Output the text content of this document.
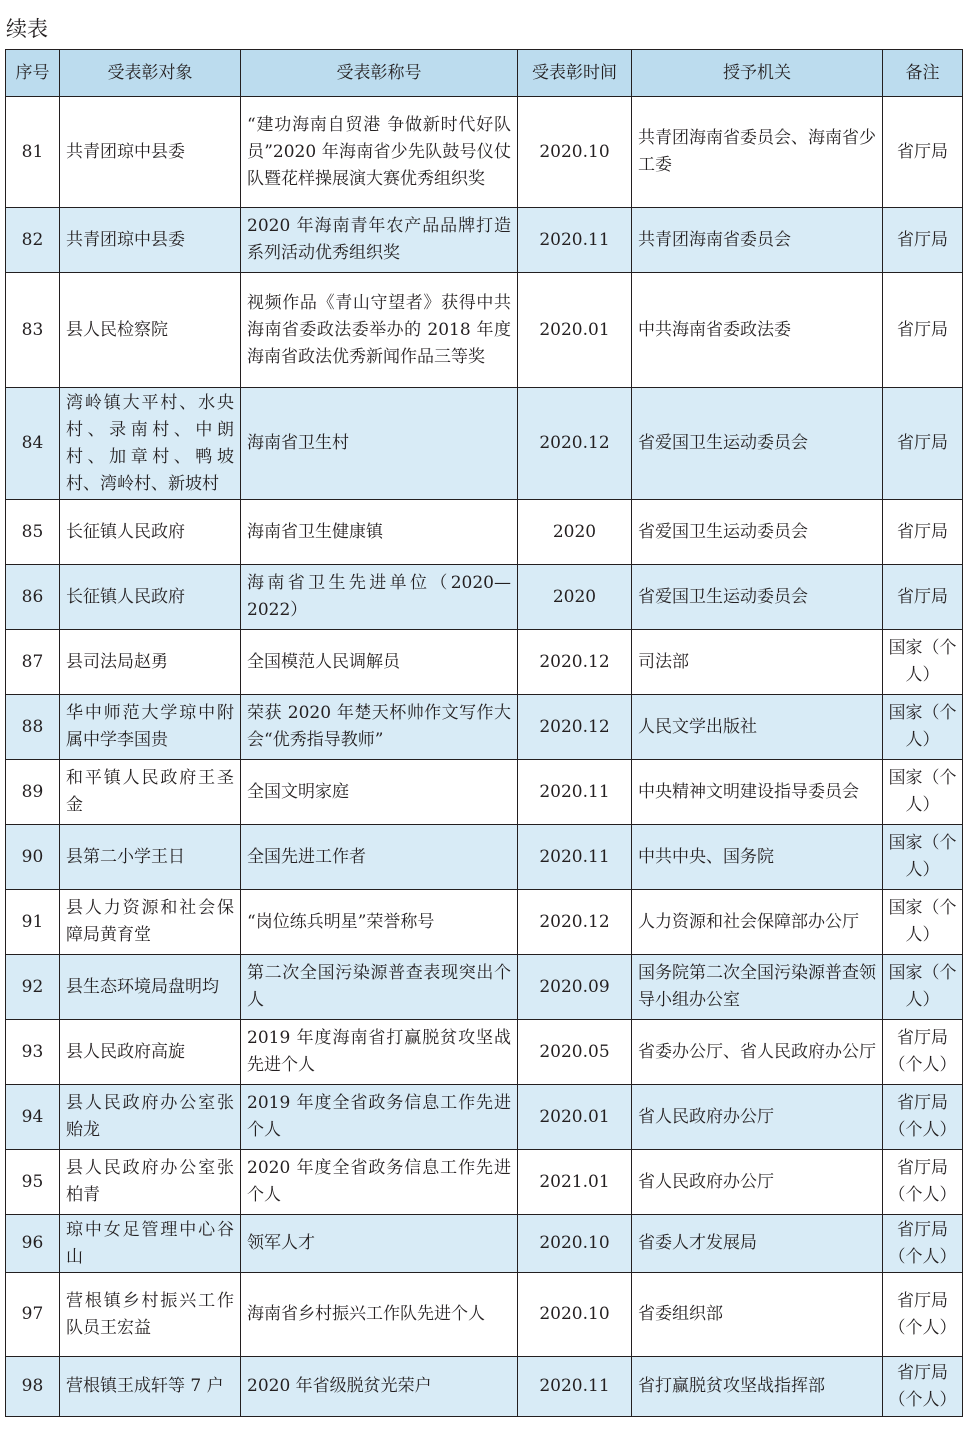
续表
序号	受表彰对象	受表彰称号	受表彰时间	授予机关	备注
81	共青团琼中县委	“建功海南自贸港 争做新时代好队员”2020 年海南省少先队鼓号仪仗队暨花样操展演大赛优秀组织奖	2020.10	共青团海南省委员会、海南省少工委	省厅局
82	共青团琼中县委	2020 年海南青年农产品品牌打造系列活动优秀组织奖	2020.11	共青团海南省委员会	省厅局
83	县人民检察院	视频作品《青山守望者》获得中共海南省委政法委举办的 2018 年度海南省政法优秀新闻作品三等奖	2020.01	中共海南省委政法委	省厅局
84	湾岭镇大平村、水央村、录南村、中朗村、加章村、鸭坡村、湾岭村、新坡村	海南省卫生村	2020.12	省爱国卫生运动委员会	省厅局
85	长征镇人民政府	海南省卫生健康镇	2020	省爱国卫生运动委员会	省厅局
86	长征镇人民政府	海南省卫生先进单位（2020—2022）	2020	省爱国卫生运动委员会	省厅局
87	县司法局赵勇	全国模范人民调解员	2020.12	司法部	国家（个人）
88	华中师范大学琼中附属中学李国贵	荣获 2020 年楚天杯帅作文写作大会“优秀指导教师”	2020.12	人民文学出版社	国家（个人）
89	和平镇人民政府王圣金	全国文明家庭	2020.11	中央精神文明建设指导委员会	国家（个人）
90	县第二小学王日	全国先进工作者	2020.11	中共中央、国务院	国家（个人）
91	县人力资源和社会保障局黄育堂	“岗位练兵明星”荣誉称号	2020.12	人力资源和社会保障部办公厅	国家（个人）
92	县生态环境局盘明均	第二次全国污染源普查表现突出个人	2020.09	国务院第二次全国污染源普查领导小组办公室	国家（个人）
93	县人民政府高旋	2019 年度海南省打赢脱贫攻坚战先进个人	2020.05	省委办公厅、省人民政府办公厅	省厅局（个人）
94	县人民政府办公室张贻龙	2019 年度全省政务信息工作先进个人	2020.01	省人民政府办公厅	省厅局（个人）
95	县人民政府办公室张柏青	2020 年度全省政务信息工作先进个人	2021.01	省人民政府办公厅	省厅局（个人）
96	琼中女足管理中心谷山	领军人才	2020.10	省委人才发展局	省厅局（个人）
97	营根镇乡村振兴工作队员王宏益	海南省乡村振兴工作队先进个人	2020.10	省委组织部	省厅局（个人）
98	营根镇王成轩等 7 户	2020 年省级脱贫光荣户	2020.11	省打赢脱贫攻坚战指挥部	省厅局（个人）
